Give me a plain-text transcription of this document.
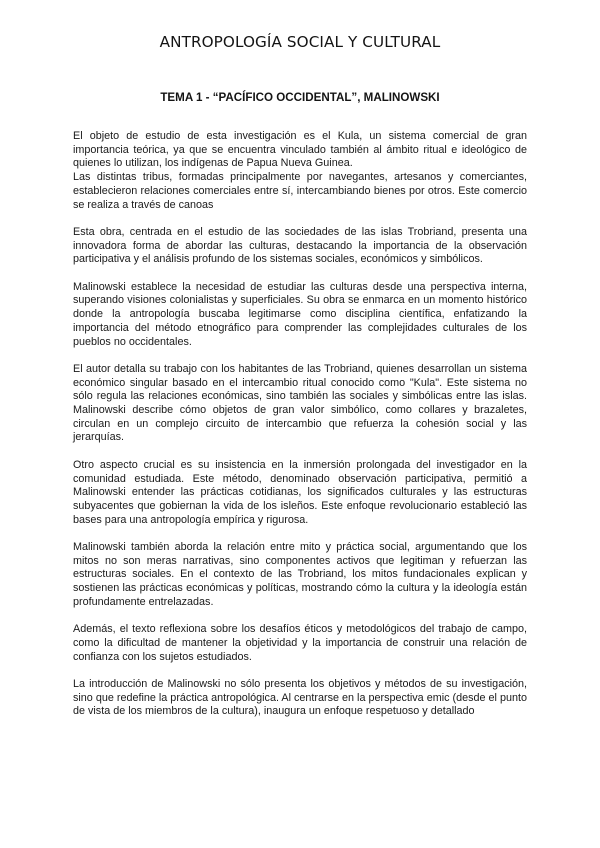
ANTROPOLOGÍA SOCIAL Y CULTURAL
TEMA 1 - “PACÍFICO OCCIDENTAL”, MALINOWSKI

El objeto de estudio de esta investigación es el Kula, un sistema comercial de gran importancia teórica, ya que se encuentra vinculado también al ámbito ritual e ideológico de quienes lo utilizan, los indígenas de Papua Nueva Guinea.

Las distintas tribus, formadas principalmente por navegantes, artesanos y comerciantes, establecieron relaciones comerciales entre sí, intercambiando bienes por otros. Este comercio se realiza a través de canoas

Esta obra, centrada en el estudio de las sociedades de las islas Trobriand, presenta una innovadora forma de abordar las culturas, destacando la importancia de la observación participativa y el análisis profundo de los sistemas sociales, económicos y simbólicos.

Malinowski establece la necesidad de estudiar las culturas desde una perspectiva interna, superando visiones colonialistas y superficiales. Su obra se enmarca en un momento histórico donde la antropología buscaba legitimarse como disciplina científica, enfatizando la importancia del método etnográfico para comprender las complejidades culturales de los pueblos no occidentales.

El autor detalla su trabajo con los habitantes de las Trobriand, quienes desarrollan un sistema económico singular basado en el intercambio ritual conocido como "Kula". Este sistema no sólo regula las relaciones económicas, sino también las sociales y simbólicas entre las islas. Malinowski describe cómo objetos de gran valor simbólico, como collares y brazaletes, circulan en un complejo circuito de intercambio que refuerza la cohesión social y las jerarquías.

Otro aspecto crucial es su insistencia en la inmersión prolongada del investigador en la comunidad estudiada. Este método, denominado observación participativa, permitió a Malinowski entender las prácticas cotidianas, los significados culturales y las estructuras subyacentes que gobiernan la vida de los isleños. Este enfoque revolucionario estableció las bases para una antropología empírica y rigurosa.

Malinowski también aborda la relación entre mito y práctica social, argumentando que los mitos no son meras narrativas, sino componentes activos que legitiman y refuerzan las estructuras sociales. En el contexto de las Trobriand, los mitos fundacionales explican y sostienen las prácticas económicas y políticas, mostrando cómo la cultura y la ideología están profundamente entrelazadas.

Además, el texto reflexiona sobre los desafíos éticos y metodológicos del trabajo de campo, como la dificultad de mantener la objetividad y la importancia de construir una relación de confianza con los sujetos estudiados.

La introducción de Malinowski no sólo presenta los objetivos y métodos de su investigación, sino que redefine la práctica antropológica. Al centrarse en la perspectiva emic (desde el punto de vista de los miembros de la cultura), inaugura un enfoque respetuoso y detallado
